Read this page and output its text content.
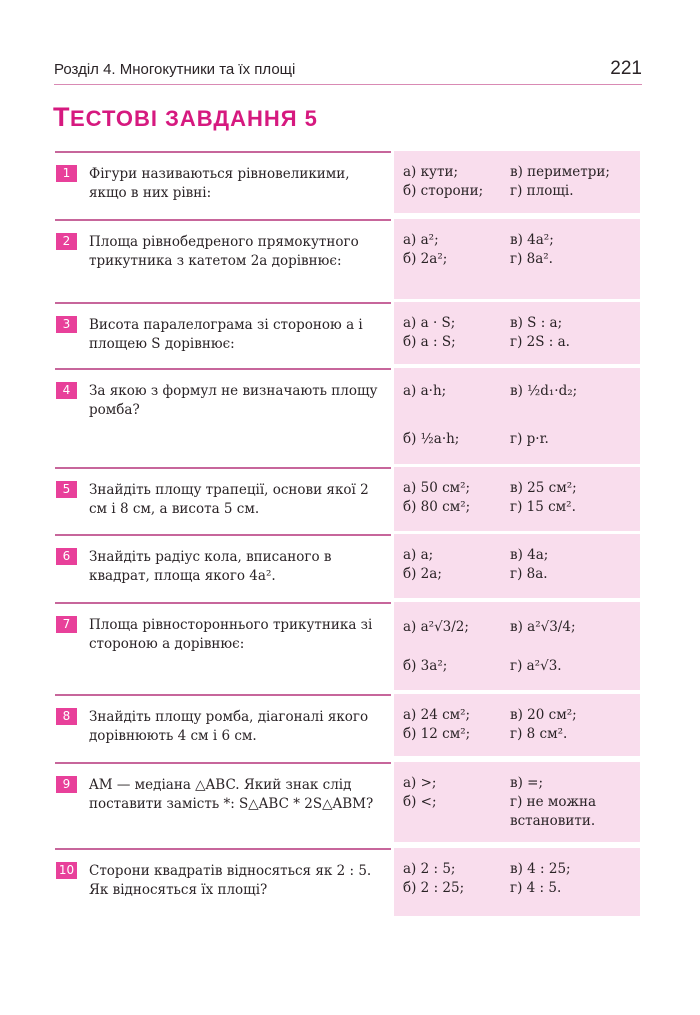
Розділ 4. Многокутники та їх площі	221
ТЕСТОВІ ЗАВДАННЯ 5
1	Фігури називаються рівновеликими, якщо в них рівні:
а) кути;	в) периметри;
б) сторони; г) площі.
2	Площа рівнобедреного прямокутного трикутника з катетом 2a дорівнює:
а) a²;	в) 4a²;
б) 2a²;	г) 8a².
3	Висота паралелограма зі стороною a і площею S дорівнює:
а) a · S;	в) S : a;
б) a : S;	г) 2S : a.
4	За якою з формул не визначають площу ромба?
а) a·h;	в) ½d₁·d₂;
б) ½a·h;	г) p·r.
5	Знайдіть площу трапеції, основи якої 2 см і 8 см, а висота 5 см.
а) 50 см²;	в) 25 см²;
б) 80 см²;	г) 15 см².
6	Знайдіть радіус кола, вписаного в квадрат, площа якого 4a².
а) a;	в) 4a;
б) 2a;	г) 8a.
7	Площа рівностороннього трикутника зі стороною a дорівнює:
а) a²√3/2;	в) a²√3/4;
б) 3a²;	г) a²√3.
8	Знайдіть площу ромба, діагоналі якого дорівнюють 4 см і 6 см.
а) 24 см²;	в) 20 см²;
б) 12 см²;	г) 8 см².
9	AM — медіана △ABC. Який знак слід поставити замість *: S△ABC * 2S△ABM?
а) >;	в) =;
б) <;	г) не можна встановити.
10 Сторони квадратів відносяться як 2 : 5. Як відносяться їх площі?
а) 2 : 5;	в) 4 : 25;
б) 2 : 25;	г) 4 : 5.
